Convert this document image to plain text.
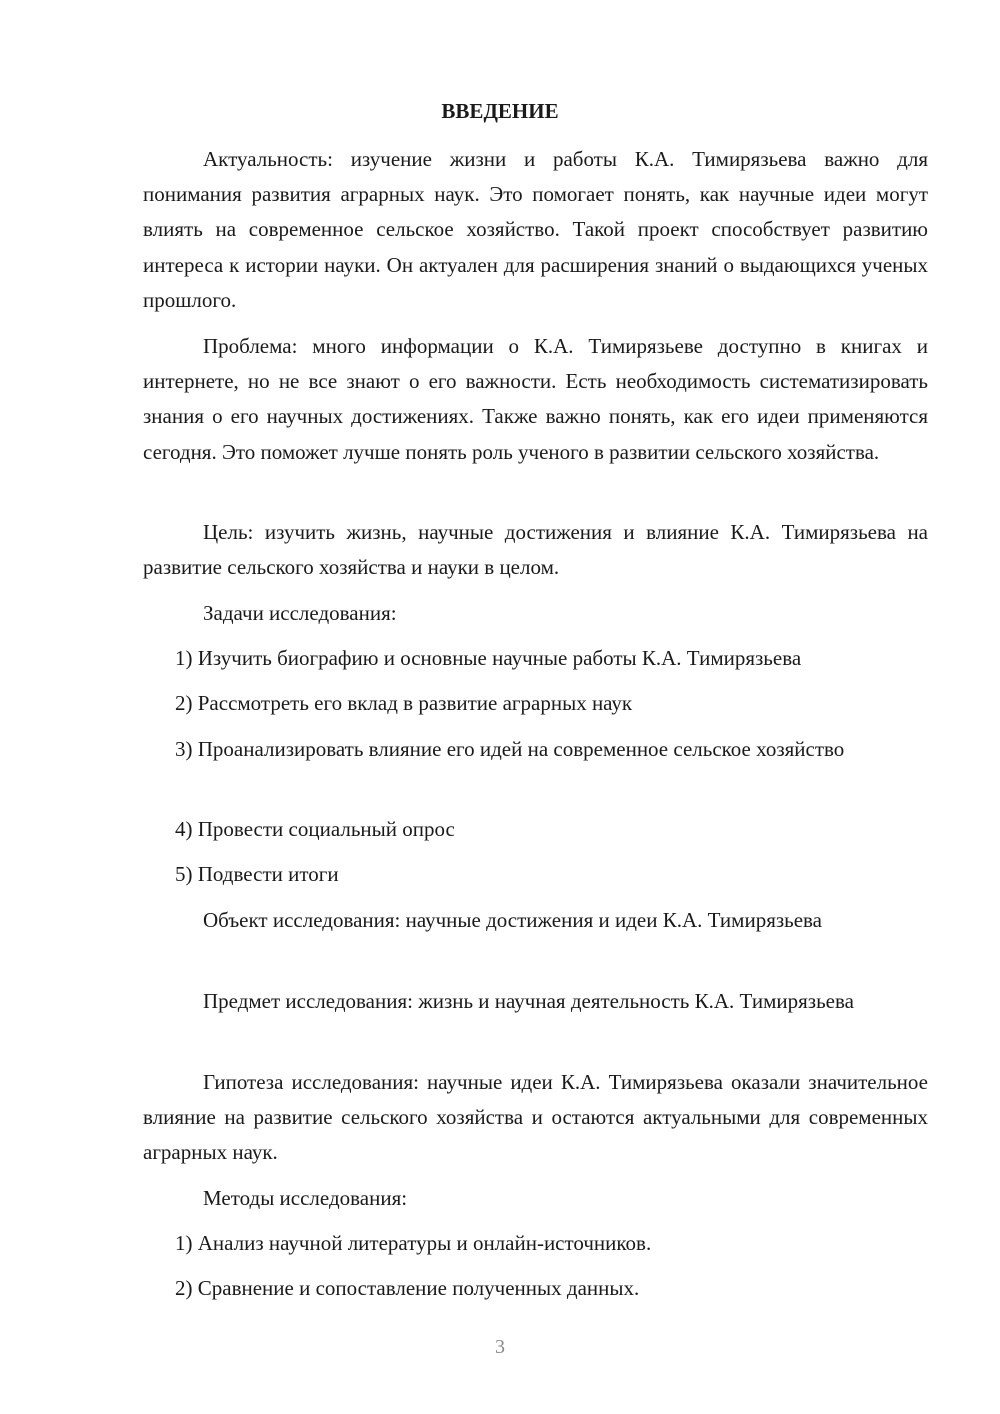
ВВЕДЕНИЕ

Актуальность: изучение жизни и работы К.А. Тимирязьева важно для понимания развития аграрных наук. Это помогает понять, как научные идеи могут влиять на современное сельское хозяйство. Такой проект способствует развитию интереса к истории науки. Он актуален для расширения знаний о выдающихся ученых прошлого.

Проблема: много информации о К.А. Тимирязьеве доступно в книгах и интернете, но не все знают о его важности. Есть необходимость систематизировать знания о его научных достижениях. Также важно понять, как его идеи применяются сегодня. Это поможет лучше понять роль ученого в развитии сельского хозяйства.

Цель: изучить жизнь, научные достижения и влияние К.А. Тимирязьева на развитие сельского хозяйства и науки в целом.

Задачи исследования:

1) Изучить биографию и основные научные работы К.А. Тимирязьева

2) Рассмотреть его вклад в развитие аграрных наук

3) Проанализировать влияние его идей на современное сельское хозяйство

4) Провести социальный опрос

5) Подвести итоги

Объект исследования: научные достижения и идеи К.А. Тимирязьева

Предмет исследования: жизнь и научная деятельность К.А. Тимирязьева

Гипотеза исследования: научные идеи К.А. Тимирязьева оказали значительное влияние на развитие сельского хозяйства и остаются актуальными для современных аграрных наук.

Методы исследования:

1) Анализ научной литературы и онлайн-источников.

2) Сравнение и сопоставление полученных данных.

3
